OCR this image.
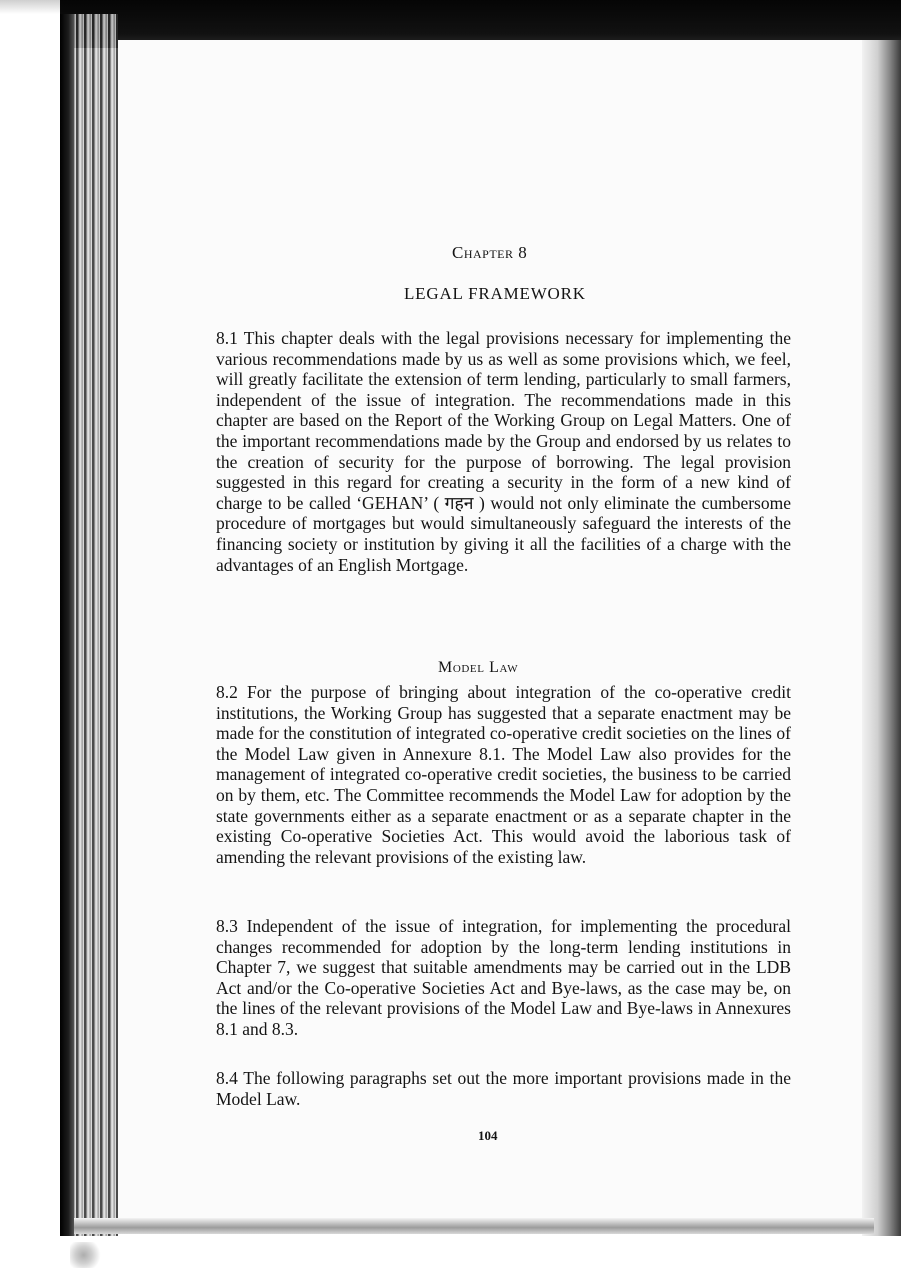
Chapter 8
LEGAL FRAMEWORK
8.1 This chapter deals with the legal provisions necessary for implementing the various recommendations made by us as well as some provisions which, we feel, will greatly facilitate the extension of term lending, particularly to small farmers, independent of the issue of integration. The recommendations made in this chapter are based on the Report of the Working Group on Legal Matters. One of the important recommendations made by the Group and endorsed by us relates to the creation of security for the purpose of borrowing. The legal provision suggested in this regard for creating a security in the form of a new kind of charge to be called ‘GEHAN’ ( गहन ) would not only eliminate the cumbersome procedure of mortgages but would simultaneously safeguard the interests of the financing society or institution by giving it all the facilities of a charge with the advantages of an English Mortgage.
Model Law
8.2 For the purpose of bringing about integration of the co-operative credit institutions, the Working Group has suggested that a separate enactment may be made for the constitution of integrated co-operative credit societies on the lines of the Model Law given in Annexure 8.1. The Model Law also provides for the management of integrated co-operative credit societies, the business to be carried on by them, etc. The Committee recommends the Model Law for adoption by the state governments either as a separate enactment or as a separate chapter in the existing Co-operative Societies Act. This would avoid the laborious task of amending the relevant provisions of the existing law.
8.3 Independent of the issue of integration, for implementing the procedural changes recommended for adoption by the long-term lending institutions in Chapter 7, we suggest that suitable amendments may be carried out in the LDB Act and/or the Co-operative Societies Act and Bye-laws, as the case may be, on the lines of the relevant provisions of the Model Law and Bye-laws in Annexures 8.1 and 8.3.
8.4 The following paragraphs set out the more important provisions made in the Model Law.
104
